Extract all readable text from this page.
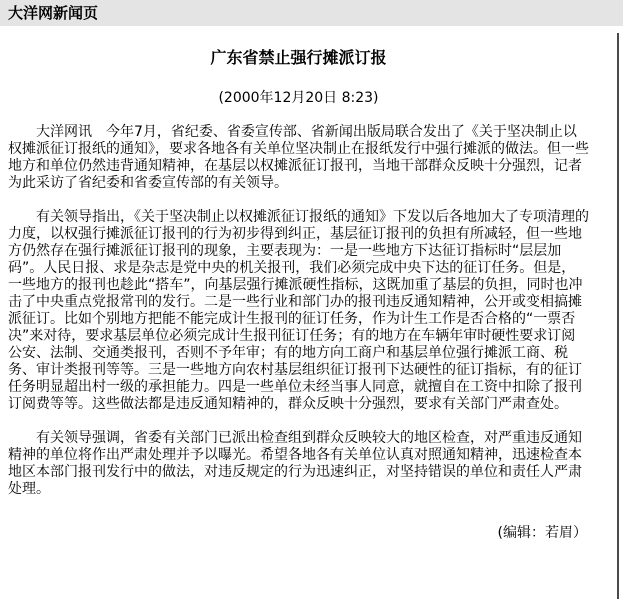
大洋网新闻页
广东省禁止强行摊派订报
(2000年12月20日 8:23)

大洋网讯　今年7月，省纪委、省委宣传部、省新闻出版局联合发出了《关于坚决制止以权摊派征订报纸的通知》，要求各地各有关单位坚决制止在报纸发行中强行摊派的做法。但一些地方和单位仍然违背通知精神，在基层以权摊派征订报刊，当地干部群众反映十分强烈，记者为此采访了省纪委和省委宣传部的有关领导。

有关领导指出，《关于坚决制止以权摊派征订报纸的通知》下发以后各地加大了专项清理的力度，以权强行摊派征订报刊的行为初步得到纠正，基层征订报刊的负担有所减轻，但一些地方仍然存在强行摊派征订报刊的现象，主要表现为：一是一些地方下达征订指标时“层层加码”。人民日报、求是杂志是党中央的机关报刊，我们必须完成中央下达的征订任务。但是，一些地方的报刊也趁此“搭车”，向基层强行摊派硬性指标，这既加重了基层的负担，同时也冲击了中央重点党报常刊的发行。二是一些行业和部门办的报刊违反通知精神，公开或变相搞摊派征订。比如个别地方把能不能完成计生报刊的征订任务，作为计生工作是否合格的“一票否决”来对待，要求基层单位必须完成计生报刊征订任务；有的地方在车辆年审时硬性要求订阅公安、法制、交通类报刊，否则不予年审；有的地方向工商户和基层单位强行摊派工商、税务、审计类报刊等等。三是一些地方向农村基层组织征订报刊下达硬性的征订指标，有的征订任务明显超出村一级的承担能力。四是一些单位未经当事人同意，就擅自在工资中扣除了报刊订阅费等等。这些做法都是违反通知精神的，群众反映十分强烈，要求有关部门严肃查处。

有关领导强调，省委有关部门已派出检查组到群众反映较大的地区检查，对严重违反通知精神的单位将作出严肃处理并予以曝光。希望各地各有关单位认真对照通知精神，迅速检查本地区本部门报刊发行中的做法，对违反规定的行为迅速纠正，对坚持错误的单位和责任人严肃处理。

(编辑：若眉）
